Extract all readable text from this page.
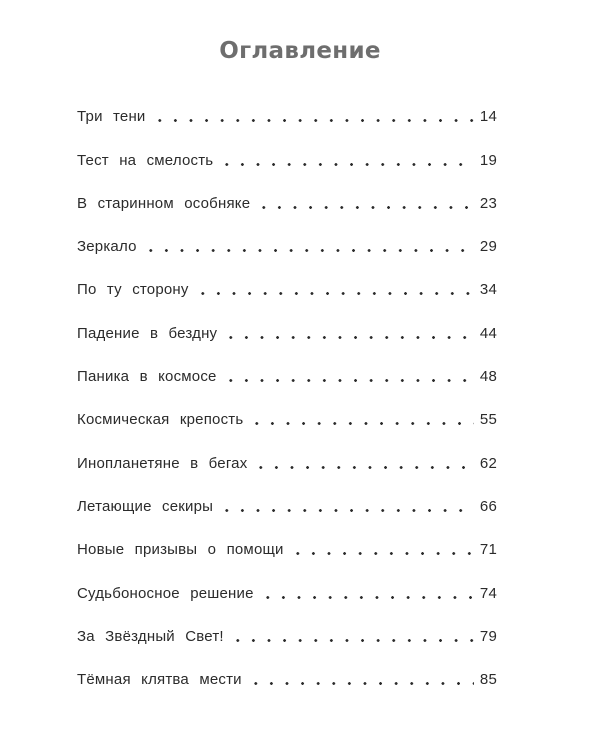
Оглавление
Три тени	14
Тест на смелость	19
В старинном особняке	23
Зеркало	29
По ту сторону	34
Падение в бездну	44
Паника в космосе	48
Космическая крепость	55
Инопланетяне в бегах	62
Летающие секиры	66
Новые призывы о помощи	71
Судьбоносное решение	74
За Звёздный Свет!	79
Тёмная клятва мести	85
